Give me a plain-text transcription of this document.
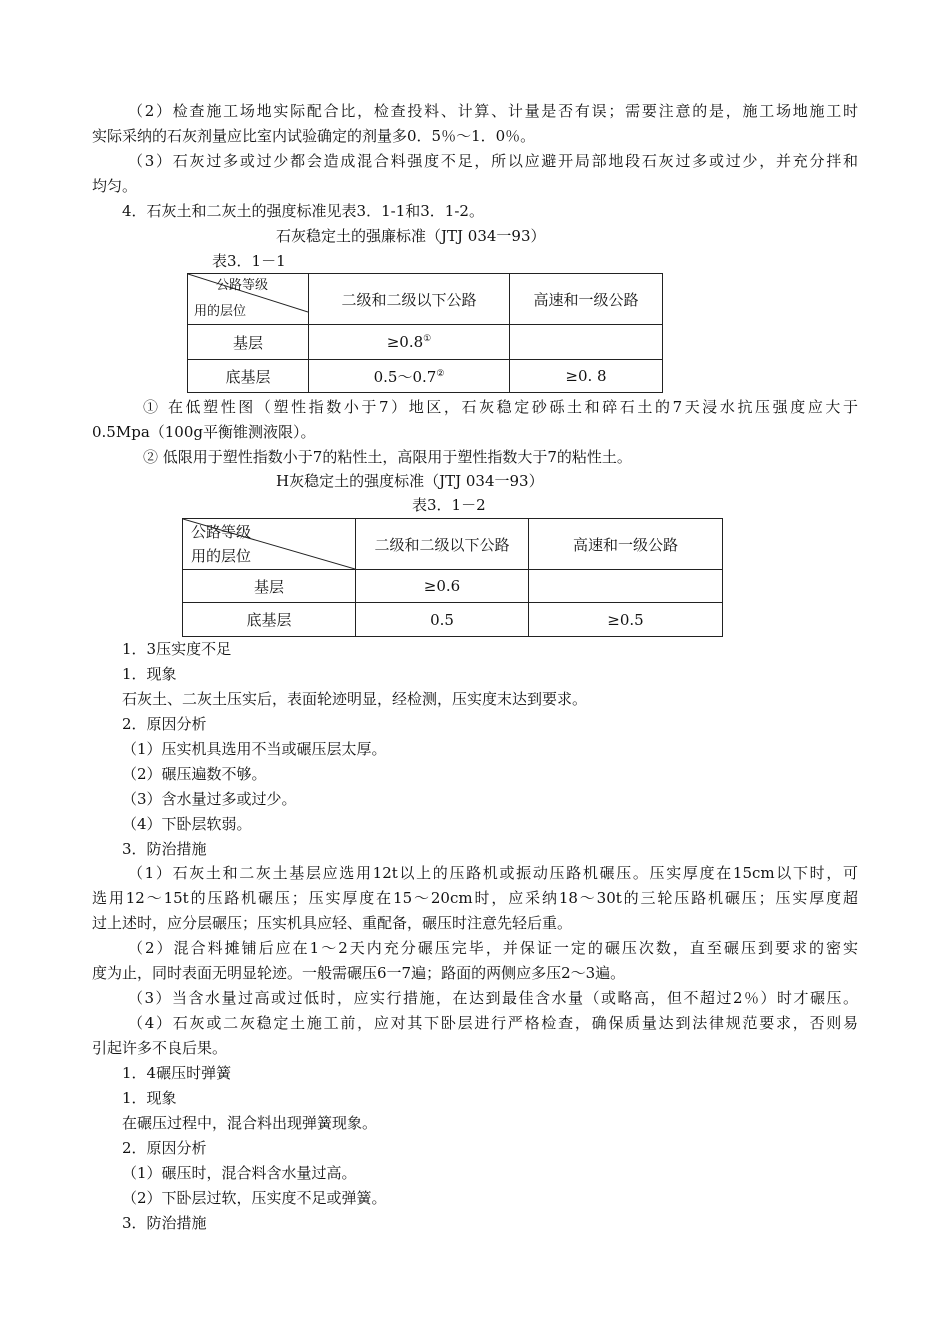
（2）检查施工场地实际配合比，检查投料、计算、计量是否有误；需要注意的是，施工场地施工时
实际采纳的石灰剂量应比室内试验确定的剂量多0．5％～1．0％。
（3）石灰过多或过少都会造成混合料强度不足，所以应避开局部地段石灰过多或过少，并充分拌和
均匀。
4．石灰土和二灰土的强度标准见表3．1-1和3．1-2。
石灰稳定土的强廉标准（JTJ 034一93）
表3．1－1
公路等级
用的层位	二级和二级以下公路	高速和一级公路
基层	≥0.8①	
底基层	0.5～0.7②	≥0. 8
① 在低塑性图（塑性指数小于7）地区，石灰稳定砂砾土和碎石土的7天浸水抗压强度应大于
0.5Mpa（100g平衡锥测液限）。
② 低限用于塑性指数小于7的粘性土，高限用于塑性指数大于7的粘性土。
H灰稳定土的强度标准（JTJ 034一93）
表3．1－2
公路等级
用的层位	二级和二级以下公路	高速和一级公路
基层	≥0.6	
底基层	0.5	≥0.5
1．3压实度不足
1．现象
石灰土、二灰土压实后，表面轮迹明显，经检测，压实度末达到要求。
2．原因分析
（1）压实机具选用不当或碾压层太厚。
（2）碾压遍数不够。
（3）含水量过多或过少。
（4）下卧层软弱。
3．防治措施
（1）石灰土和二灰土基层应选用12t以上的压路机或振动压路机碾压。压实厚度在15cm以下时，可
选用12～15t的压路机碾压；压实厚度在15～20cm时，应采纳18～30t的三轮压路机碾压；压实厚度超
过上述时，应分层碾压；压实机具应轻、重配备，碾压时注意先轻后重。
（2）混合料摊铺后应在1～2天内充分碾压完毕，并保证一定的碾压次数，直至碾压到要求的密实
度为止，同时表面无明显轮迹。一般需碾压6一7遍；路面的两侧应多压2～3遍。
（3）当含水量过高或过低时，应实行措施，在达到最佳含水量（或略高，但不超过2％）时才碾压。
（4）石灰或二灰稳定土施工前，应对其下卧层进行严格检查，确保质量达到法律规范要求，否则易
引起许多不良后果。
1．4碾压时弹簧
1．现象
在碾压过程中，混合料出现弹簧现象。
2．原因分析
（1）碾压时，混合料含水量过高。
（2）下卧层过软，压实度不足或弹簧。
3．防治措施
